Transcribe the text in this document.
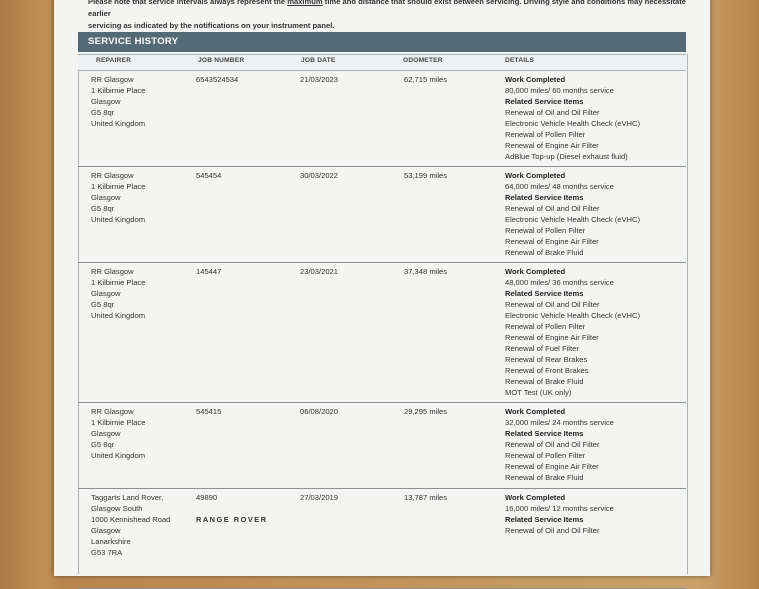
Please note that service intervals always represent the maximum time and distance that should exist between servicing. Driving style and conditions may necessitate earlier
servicing as indicated by the notifications on your instrument panel.
SERVICE HISTORY
REPAIRER	JOB NUMBER	JOB DATE	ODOMETER	DETAILS
RR Glasgow
1 Kilbirnie Place
Glasgow
G5 8qr
United Kingdom
6543524534	21/03/2023	62,715 miles	Work Completed
80,000 miles/ 60 months service
Related Service Items
Renewal of Oil and Oil Filter
Electronic Vehicle Health Check (eVHC)
Renewal of Pollen Filter
Renewal of Engine Air Filter
AdBlue Top-up (Diesel exhaust fluid)
RR Glasgow
1 Kilbirnie Place
Glasgow
G5 8qr
United Kingdom
545454	30/03/2022	53,199 miles	Work Completed
64,000 miles/ 48 months service
Related Service Items
Renewal of Oil and Oil Filter
Electronic Vehicle Health Check (eVHC)
Renewal of Pollen Filter
Renewal of Engine Air Filter
Renewal of Brake Fluid
RR Glasgow
1 Kilbirnie Place
Glasgow
G5 8qr
United Kingdom
145447	23/03/2021	37,348 miles	Work Completed
48,000 miles/ 36 months service
Related Service Items
Renewal of Oil and Oil Filter
Electronic Vehicle Health Check (eVHC)
Renewal of Pollen Filter
Renewal of Engine Air Filter
Renewal of Fuel Filter
Renewal of Rear Brakes
Renewal of Front Brakes
Renewal of Brake Fluid
MOT Test (UK only)
RR Glasgow
1 Kilbirnie Place
Glasgow
G5 8qr
United Kingdom
545415	06/08/2020	29,295 miles	Work Completed
32,000 miles/ 24 months service
Related Service Items
Renewal of Oil and Oil Filter
Renewal of Pollen Filter
Renewal of Engine Air Filter
Renewal of Brake Fluid
Taggarts Land Rover,
Glasgow South
1000 Kennishead Road
Glasgow
Lanarkshire
G53 7RA
49890
RANGE ROVER
27/03/2019	13,787 miles	Work Completed
16,000 miles/ 12 months service
Related Service Items
Renewal of Oil and Oil Filter
